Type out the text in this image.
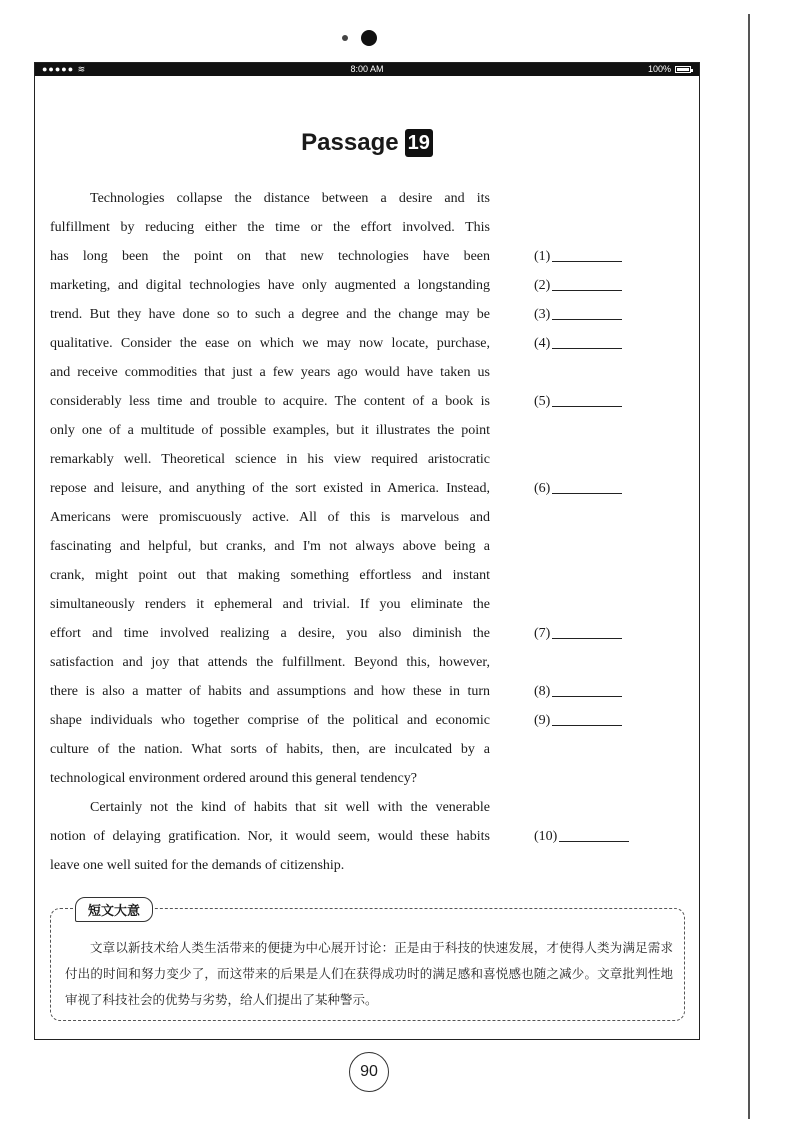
●●●●● ≋	8:00 AM	100%
Passage 19
Technologies collapse the distance between a desire and its
fulfillment by reducing either the time or the effort involved. This
has long been the point on that new technologies have been
marketing, and digital technologies have only augmented a longstanding
trend. But they have done so to such a degree and the change may be
qualitative. Consider the ease on which we may now locate, purchase,
and receive commodities that just a few years ago would have taken us
considerably less time and trouble to acquire. The content of a book is
only one of a multitude of possible examples, but it illustrates the point
remarkably well. Theoretical science in his view required aristocratic
repose and leisure, and anything of the sort existed in America. Instead,
Americans were promiscuously active. All of this is marvelous and
fascinating and helpful, but cranks, and I'm not always above being a
crank, might point out that making something effortless and instant
simultaneously renders it ephemeral and trivial. If you eliminate the
effort and time involved realizing a desire, you also diminish the
satisfaction and joy that attends the fulfillment. Beyond this, however,
there is also a matter of habits and assumptions and how these in turn
shape individuals who together comprise of the political and economic
culture of the nation. What sorts of habits, then, are inculcated by a
technological environment ordered around this general tendency?
Certainly not the kind of habits that sit well with the venerable
notion of delaying gratification. Nor, it would seem, would these habits
leave one well suited for the demands of citizenship.
(1)
(2)
(3)
(4)
(5)
(6)
(7)
(8)
(9)
(10)
短文大意

文章以新技术给人类生活带来的便捷为中心展开讨论：正是由于科技的快速发展，才使得人类为满足需求付出的时间和努力变少了，而这带来的后果是人们在获得成功时的满足感和喜悦感也随之减少。文章批判性地审视了科技社会的优势与劣势，给人们提出了某种警示。

90
